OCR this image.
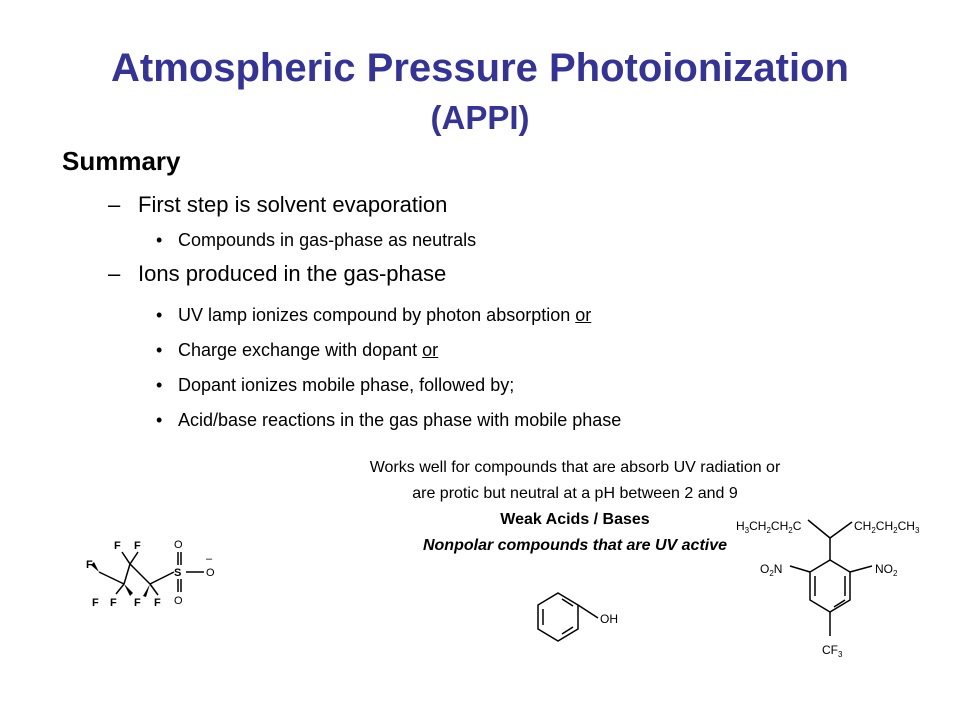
Atmospheric Pressure Photoionization
(APPI)
Summary
– First step is solvent evaporation
• Compounds in gas-phase as neutrals
– Ions produced in the gas-phase
• UV lamp ionizes compound by photon absorption or
• Charge exchange with dopant or
• Dopant ionizes mobile phase, followed by;
• Acid/base reactions in the gas phase with mobile phase
Works well for compounds that are absorb UV radiation or
are protic but neutral at a pH between 2 and 9
Weak Acids / Bases
Nonpolar compounds that are UV active
F
F F
F F
F F
S
O
O
O
–
OH
$H_3CH_2CH_2C$	$CH_2CH_2CH_3$
$O_2N$	$NO_2$
$CF_3$
